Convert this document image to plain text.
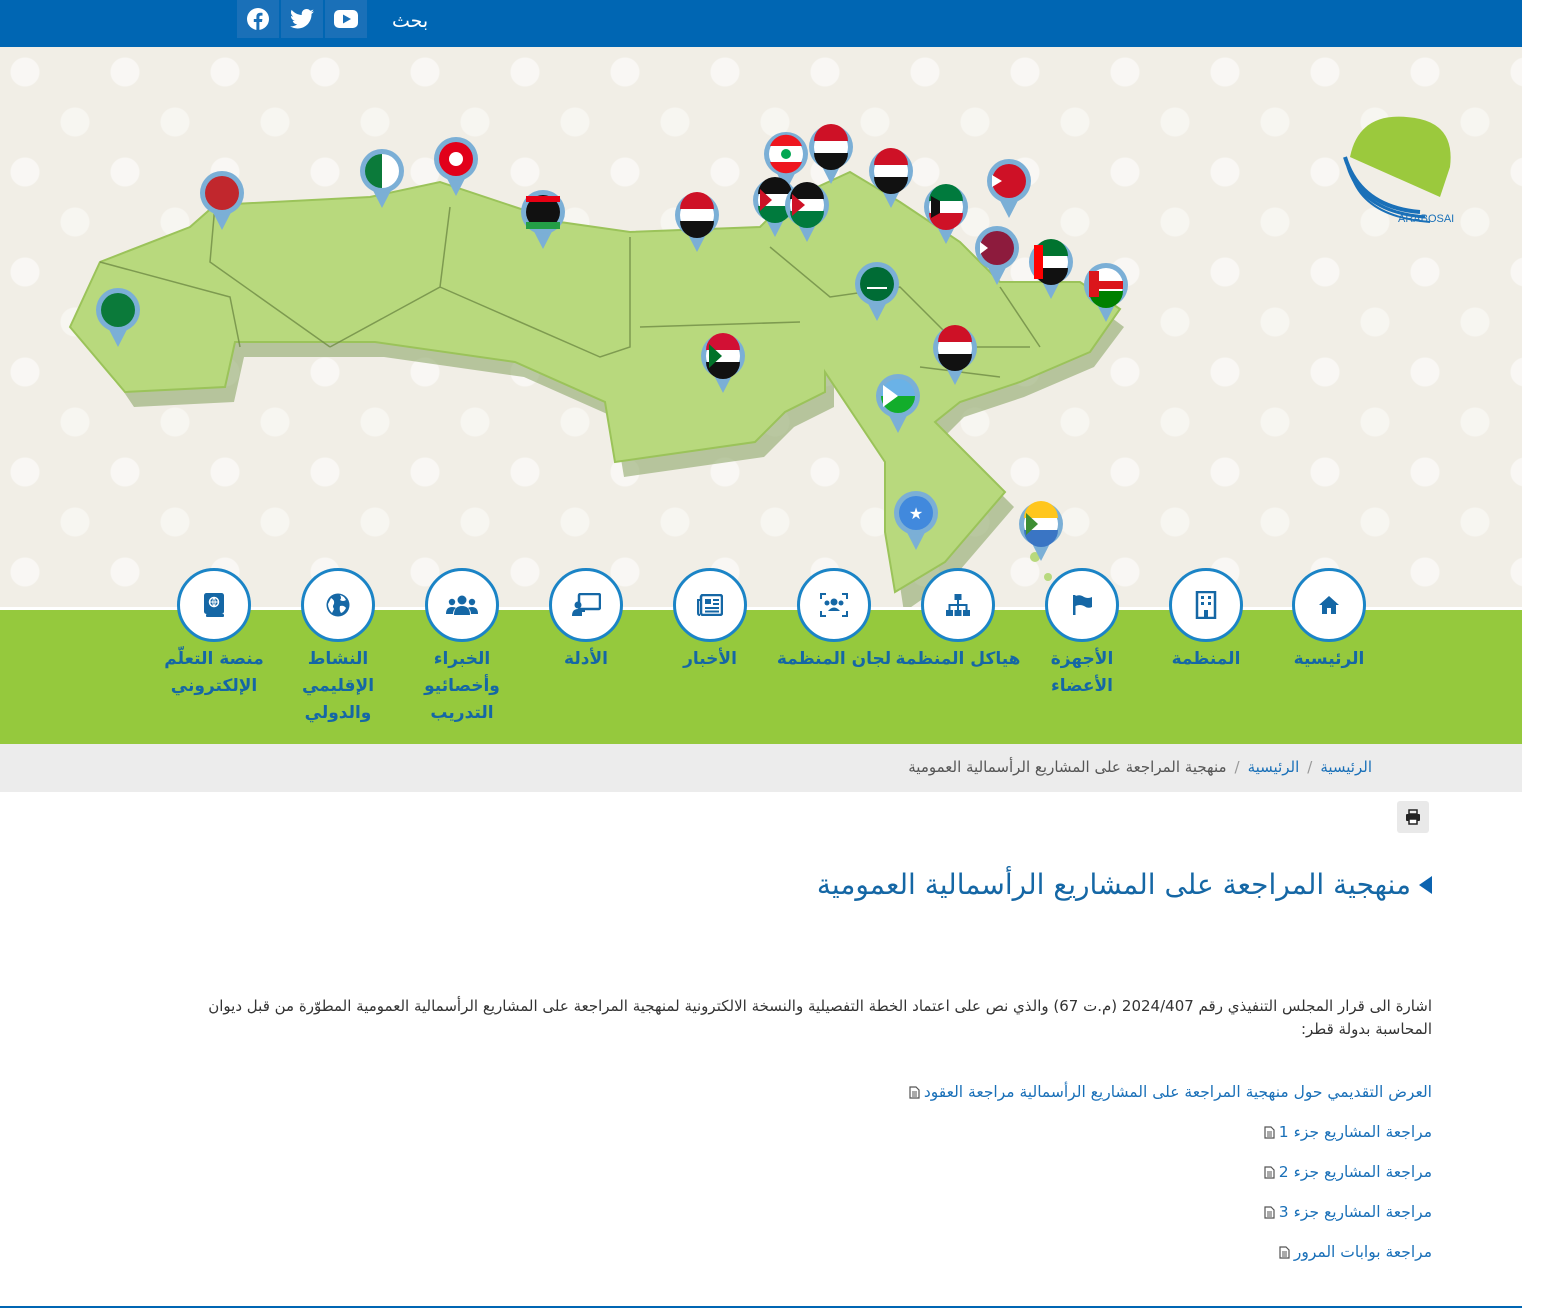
بحث
ARABOSAI
★
الرئيسية
المنظمة
الأجهزة الأعضاء
هياكل المنظمة
لجان المنظمة
الأخبار
الأدلة
الخبراء وأخصائيو التدريب
النشاط الإقليمي والدولي
منصة التعلّم الإلكتروني
الرئيسية/الرئيسية/منهجية المراجعة على المشاريع الرأسمالية العمومية
منهجية المراجعة على المشاريع الرأسمالية العمومية
اشارة الى قرار المجلس التنفيذي رقم 2024/407 (م.ت 67) والذي نص على اعتماد الخطة التفصيلية والنسخة الالكترونية لمنهجية المراجعة على المشاريع الرأسمالية العمومية المطوّرة من قبل ديوان المحاسبة بدولة قطر:
العرض التقديمي حول منهجية المراجعة على المشاريع الرأسمالية مراجعة العقود
مراجعة المشاريع جزء 1
مراجعة المشاريع جزء 2
مراجعة المشاريع جزء 3
مراجعة بوابات المرور
